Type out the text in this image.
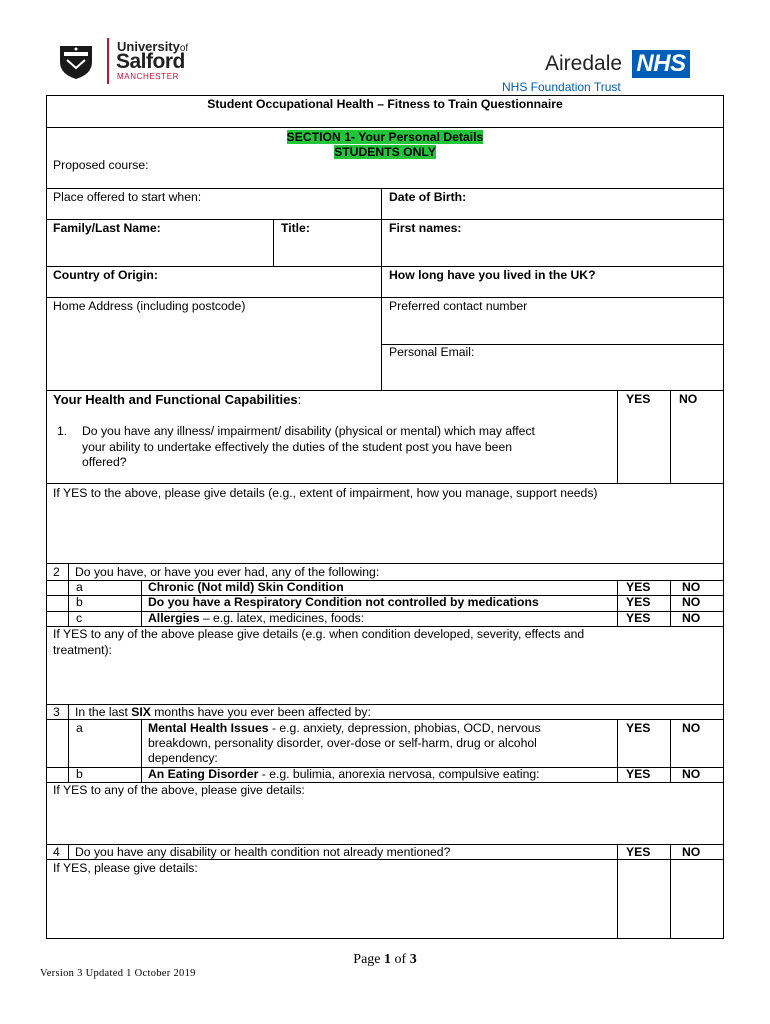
Universityof
Salford
MANCHESTER
Airedale NHS
NHS Foundation Trust
Student Occupational Health – Fitness to Train Questionnaire
SECTION 1- Your Personal Details
STUDENTS ONLY
Proposed course:
Place offered to start when:	Date of Birth:
Family/Last Name:	Title:	First names:
Country of Origin:	How long have you lived in the UK?
Home Address (including postcode)	Preferred contact number
Personal Email:
Your Health and Functional Capabilities:	YES NO
1. Do you have any illness/ impairment/ disability (physical or mental) which may affect
your ability to undertake effectively the duties of the student post you have been
offered?
If YES to the above, please give details (e.g., extent of impairment, how you manage, support needs)
2 Do you have, or have you ever had, any of the following:
a	Chronic (Not mild) Skin Condition	YES	NO
b	Do you have a Respiratory Condition not controlled by medications	YES	NO
c	Allergies – e.g. latex, medicines, foods:	YES	NO
If YES to any of the above please give details (e.g. when condition developed, severity, effects and
treatment):
3 In the last SIX months have you ever been affected by:
a	Mental Health Issues - e.g. anxiety, depression, phobias, OCD, nervous
breakdown, personality disorder, over-dose or self-harm, drug or alcohol
dependency:
YES	NO
b	An Eating Disorder - e.g. bulimia, anorexia nervosa, compulsive eating:	YES	NO
If YES to any of the above, please give details:
4 Do you have any disability or health condition not already mentioned?	YES	NO
If YES, please give details:
Page 1 of 3
Version 3 Updated 1 October 2019
